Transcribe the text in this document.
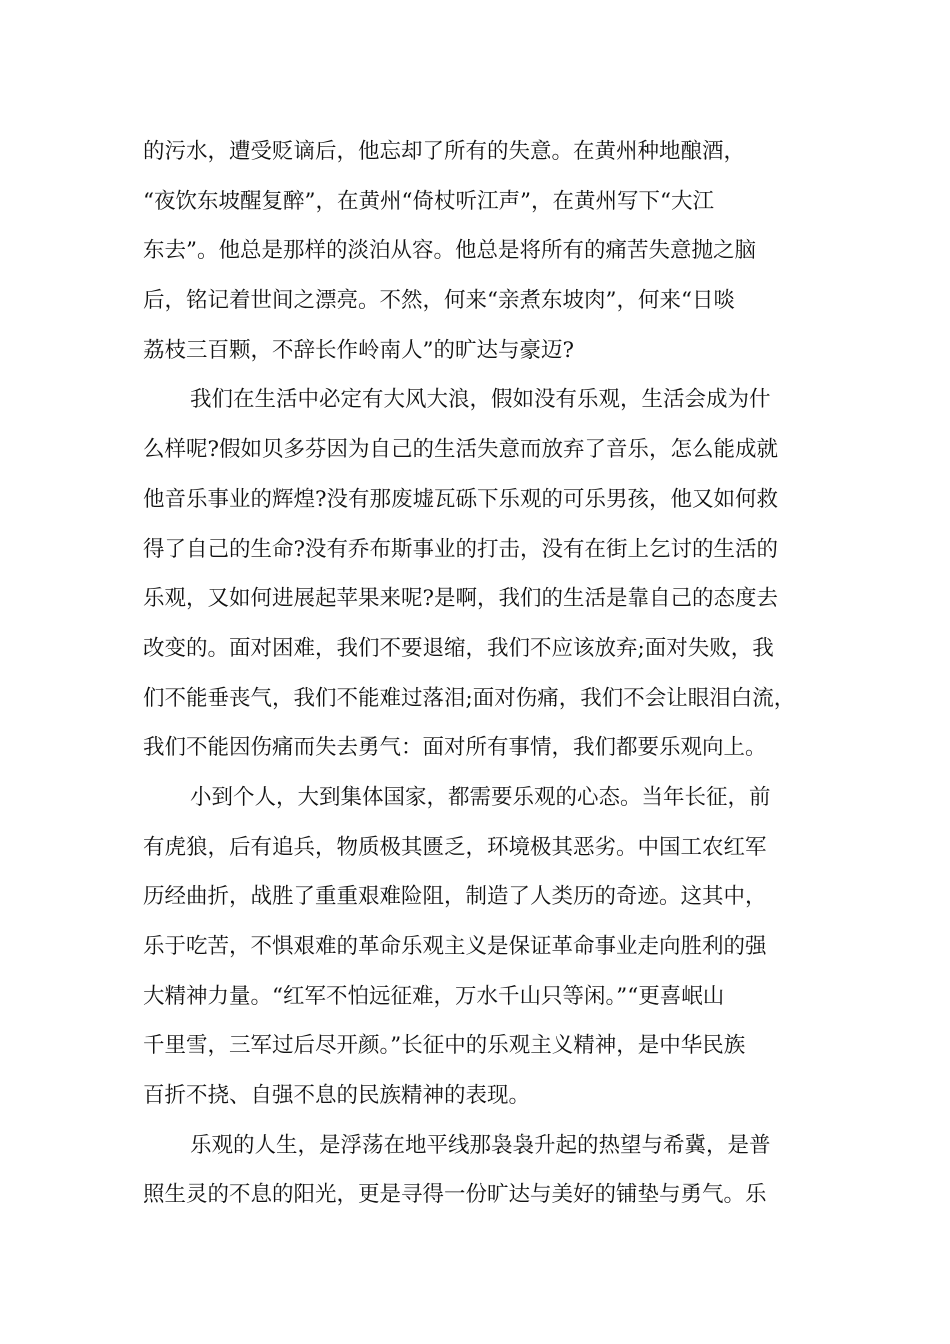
的污水，遭受贬谪后，他忘却了所有的失意。在黄州种地酿酒，
“夜饮东坡醒复醉”，在黄州“倚杖听江声”，在黄州写下“大江
东去”。他总是那样的淡泊从容。他总是将所有的痛苦失意抛之脑
后，铭记着世间之漂亮。不然，何来“亲煮东坡肉”，何来“日啖
荔枝三百颗，不辞长作岭南人”的旷达与豪迈?
我们在生活中必定有大风大浪，假如没有乐观，生活会成为什
么样呢?假如贝多芬因为自己的生活失意而放弃了音乐，怎么能成就
他音乐事业的辉煌?没有那废墟瓦砾下乐观的可乐男孩，他又如何救
得了自己的生命?没有乔布斯事业的打击，没有在街上乞讨的生活的
乐观，又如何进展起苹果来呢?是啊，我们的生活是靠自己的态度去
改变的。面对困难，我们不要退缩，我们不应该放弃;面对失败，我
们不能垂丧气，我们不能难过落泪;面对伤痛，我们不会让眼泪白流，
我们不能因伤痛而失去勇气：面对所有事情，我们都要乐观向上。
小到个人，大到集体国家，都需要乐观的心态。当年长征，前
有虎狼，后有追兵，物质极其匮乏，环境极其恶劣。中国工农红军
历经曲折，战胜了重重艰难险阻，制造了人类历的奇迹。这其中，
乐于吃苦，不惧艰难的革命乐观主义是保证革命事业走向胜利的强
大精神力量。“红军不怕远征难，万水千山只等闲。”“更喜岷山
千里雪，三军过后尽开颜。”长征中的乐观主义精神，是中华民族
百折不挠、自强不息的民族精神的表现。
乐观的人生，是浮荡在地平线那袅袅升起的热望与希冀，是普
照生灵的不息的阳光，更是寻得一份旷达与美好的铺垫与勇气。乐
